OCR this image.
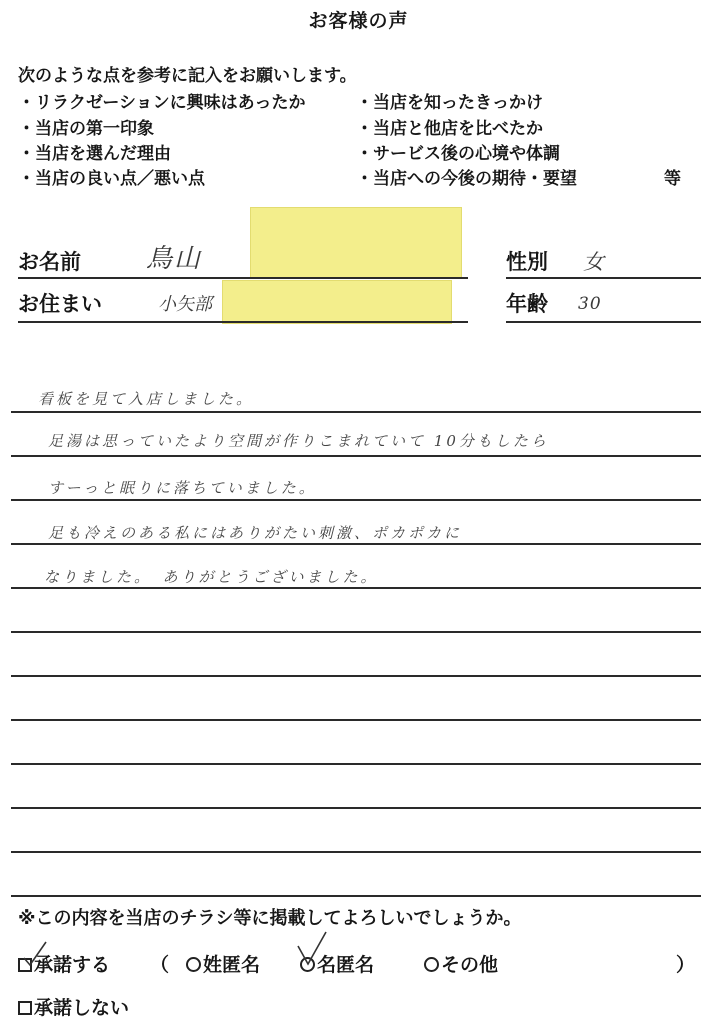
お客様の声
次のような点を参考に記入をお願いします。
・リラクゼーションに興味はあったか
・当店の第一印象
・当店を選んだ理由
・当店の良い点／悪い点
・当店を知ったきっかけ
・当店と他店を比べたか
・サービス後の心境や体調
・当店への今後の期待・要望	等
お名前	鳥山	性別 女
お住まい	小矢部	年齢 30
看板を見て入店しました。
足湯は思っていたより空間が作りこまれていて 10分もしたら
すーっと眠りに落ちていました。
足も冷えのある私にはありがたい刺激、ポカポカに
なりました。　ありがとうございました。
※この内容を当店のチラシ等に掲載してよろしいでしょうか。
承諾する （	姓匿名	名匿名	その他	）
承諾しない
